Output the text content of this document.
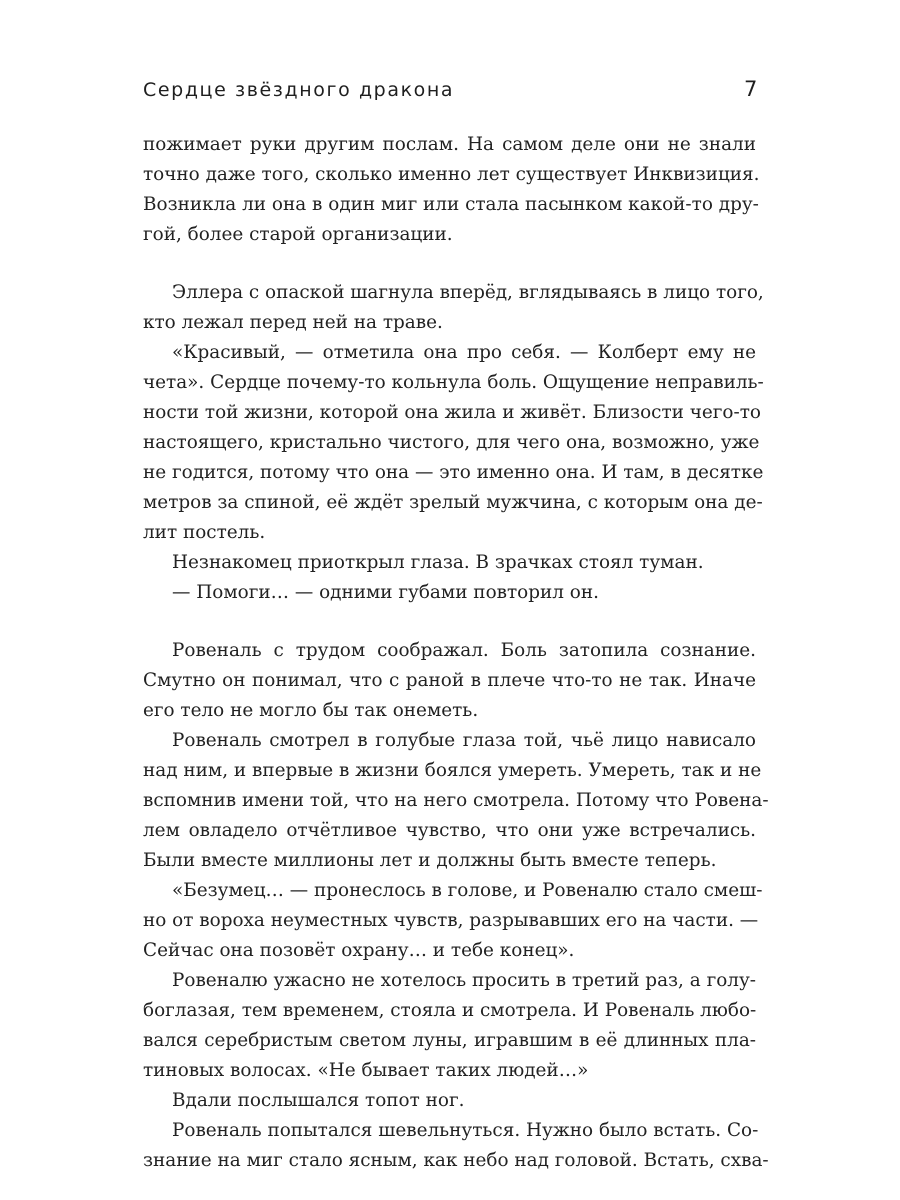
Сердце звёздного дракона	7
пожимает руки другим послам. На самом деле они не знали
точно даже того, сколько именно лет существует Инквизиция.
Возникла ли она в один миг или стала пасынком какой-то дру-
гой, более старой организации.
Эллера с опаской шагнула вперёд, вглядываясь в лицо того,
кто лежал перед ней на траве.
«Красивый, — отметила она про себя. — Колберт ему не
чета». Сердце почему-то кольнула боль. Ощущение неправиль-
ности той жизни, которой она жила и живёт. Близости чего-то
настоящего, кристально чистого, для чего она, возможно, уже
не годится, потому что она — это именно она. И там, в десятке
метров за спиной, её ждёт зрелый мужчина, с которым она де-
лит постель.
Незнакомец приоткрыл глаза. В зрачках стоял туман.
— Помоги… — одними губами повторил он.
Ровеналь с трудом соображал. Боль затопила сознание.
Смутно он понимал, что с раной в плече что-то не так. Иначе
его тело не могло бы так онеметь.
Ровеналь смотрел в голубые глаза той, чьё лицо нависало
над ним, и впервые в жизни боялся умереть. Умереть, так и не
вспомнив имени той, что на него смотрела. Потому что Ровена-
лем овладело отчётливое чувство, что они уже встречались.
Были вместе миллионы лет и должны быть вместе теперь.
«Безумец… — пронеслось в голове, и Ровеналю стало смеш-
но от вороха неуместных чувств, разрывавших его на части. —
Сейчас она позовёт охрану… и тебе конец».
Ровеналю ужасно не хотелось просить в третий раз, а голу-
боглазая, тем временем, стояла и смотрела. И Ровеналь любо-
вался серебристым светом луны, игравшим в её длинных пла-
тиновых волосах. «Не бывает таких людей…»
Вдали послышался топот ног.
Ровеналь попытался шевельнуться. Нужно было встать. Со-
знание на миг стало ясным, как небо над головой. Встать, схва-
